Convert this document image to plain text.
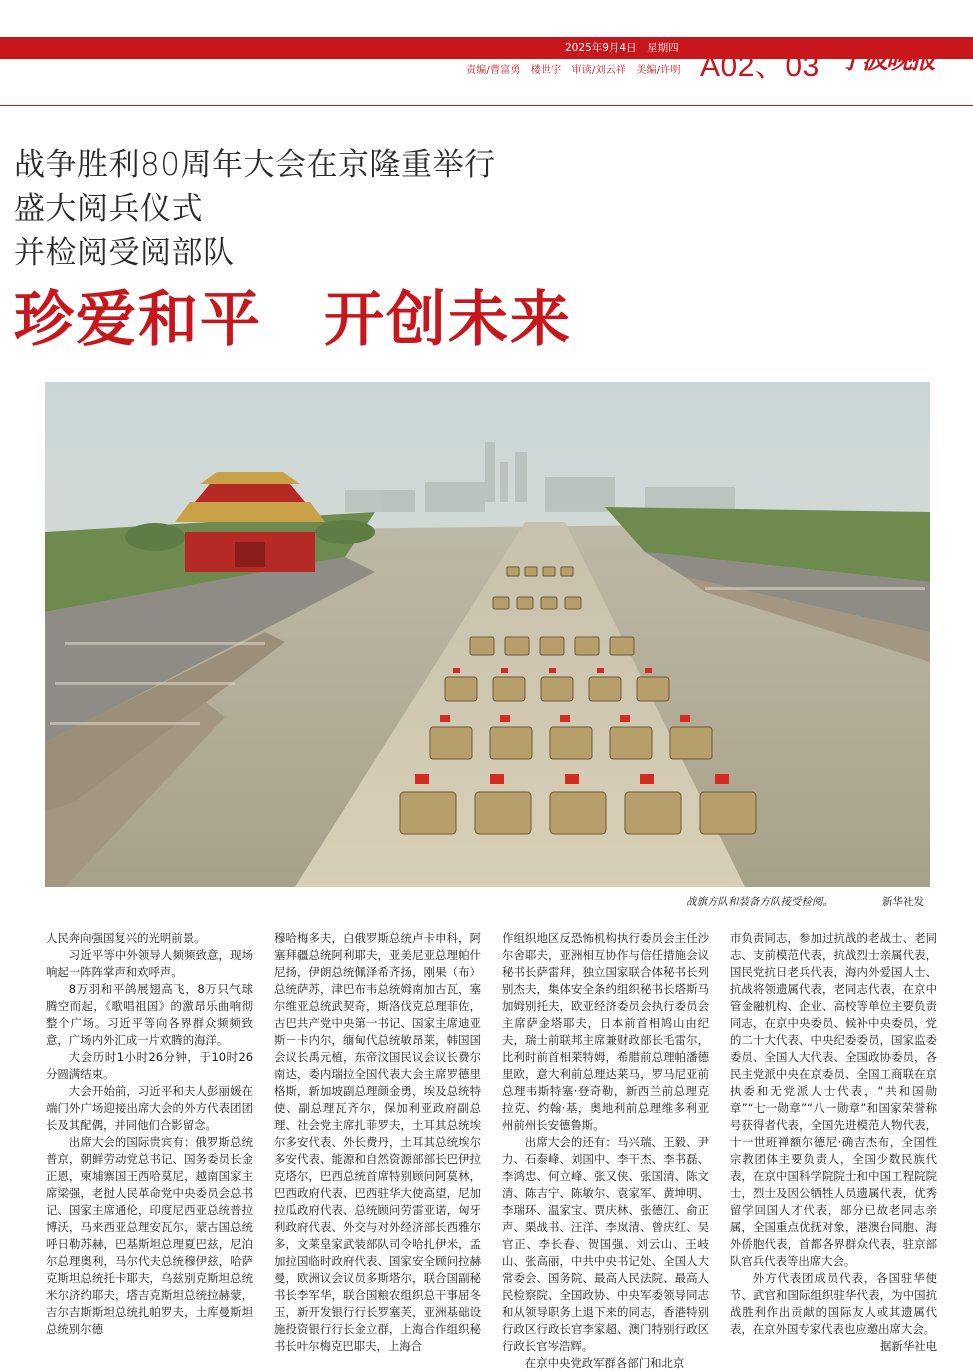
2025年9月4日　星期四
责编/曹富勇　楼世宇　审读/刘云祥　美编/许明 A02、03 宁波晚报
战争胜利80周年大会在京隆重举行
盛大阅兵仪式
并检阅受阅部队
珍爱和平　开创未来
战旗方队和装备方队接受检阅。	新华社发

人民奔向强国复兴的光明前景。

习近平等中外领导人频频致意，现场响起一阵阵掌声和欢呼声。

8万羽和平鸽展翅高飞，8万只气球腾空而起，《歌唱祖国》的激昂乐曲响彻整个广场。习近平等向各界群众频频致意，广场内外汇成一片欢腾的海洋。

大会历时1小时26分钟，于10时26分圆满结束。

大会开始前，习近平和夫人彭丽媛在端门外广场迎接出席大会的外方代表团团长及其配偶，并同他们合影留念。

出席大会的国际贵宾有：俄罗斯总统普京，朝鲜劳动党总书记、国务委员长金正恩，柬埔寨国王西哈莫尼，越南国家主席梁强，老挝人民革命党中央委员会总书记、国家主席通伦，印度尼西亚总统普拉博沃，马来西亚总理安瓦尔，蒙古国总统呼日勒苏赫，巴基斯坦总理夏巴兹，尼泊尔总理奥利，马尔代夫总统穆伊兹，哈萨克斯坦总统托卡耶夫，乌兹别克斯坦总统米尔济约耶夫，塔吉克斯坦总统拉赫蒙，吉尔吉斯斯坦总统扎帕罗夫，土库曼斯坦总统别尔德

穆哈梅多夫，白俄罗斯总统卢卡申科，阿塞拜疆总统阿利耶夫，亚美尼亚总理帕什尼扬，伊朗总统佩泽希齐扬，刚果（布）总统萨苏，津巴布韦总统姆南加古瓦，塞尔维亚总统武契奇，斯洛伐克总理菲佐，古巴共产党中央第一书记、国家主席迪亚斯－卡内尔，缅甸代总统敏昂莱，韩国国会议长禹元植，东帝汶国民议会议长费尔南达，委内瑞拉全国代表大会主席罗德里格斯，新加坡副总理颜金勇，埃及总统特使、副总理瓦齐尔，保加利亚政府副总理、社会党主席扎菲罗夫，土耳其总统埃尔多安代表、外长费丹，土耳其总统埃尔多安代表、能源和自然资源部部长巴伊拉克塔尔，巴西总统首席特别顾问阿莫林，巴西政府代表、巴西驻华大使高望，尼加拉瓜政府代表、总统顾问劳雷亚诺，匈牙利政府代表、外交与对外经济部长西雅尔多，文莱皇家武装部队司令哈扎伊米，孟加拉国临时政府代表、国家安全顾问拉赫曼，欧洲议会议员多斯塔尔，联合国副秘书长李军华，联合国粮农组织总干事屈冬玉，新开发银行行长罗塞芙，亚洲基础设施投资银行行长金立群，上海合作组织秘书长叶尔梅克巴耶夫，上海合

作组织地区反恐怖机构执行委员会主任沙尔舍耶夫，亚洲相互协作与信任措施会议秘书长萨雷拜，独立国家联合体秘书长列别杰夫，集体安全条约组织秘书长塔斯马加姆别托夫，欧亚经济委员会执行委员会主席萨金塔耶夫，日本前首相鸠山由纪夫，瑞士前联邦主席兼财政部长毛雷尔，比利时前首相莱特姆，希腊前总理帕潘德里欧，意大利前总理达莱马，罗马尼亚前总理韦斯特塞·登奇勒，新西兰前总理克拉克、约翰·基，奥地利前总理维多利亚州前州长安德鲁斯。

出席大会的还有：马兴瑞、王毅、尹力、石泰峰、刘国中、李干杰、李书磊、李鸿忠、何立峰、张又侠、张国清、陈文清、陈吉宁、陈敏尔、袁家军、黄坤明、李瑞环、温家宝、贾庆林、张德江、俞正声、栗战书、汪洋、李岚清、曾庆红、吴官正、李长春、贺国强、刘云山、王岐山、张高丽，中共中央书记处、全国人大常委会、国务院、最高人民法院、最高人民检察院、全国政协、中央军委领导同志和从领导职务上退下来的同志，香港特别行政区行政长官李家超、澳门特别行政区行政长官岑浩辉。

在京中央党政军群各部门和北京

市负责同志，参加过抗战的老战士、老同志、支前模范代表，抗战烈士亲属代表，国民党抗日老兵代表，海内外爱国人士、抗战将领遗属代表，老同志代表，在京中管金融机构、企业、高校等单位主要负责同志，在京中央委员、候补中央委员，党的二十大代表、中央纪委委员，国家监委委员、全国人大代表、全国政协委员，各民主党派中央在京委员、全国工商联在京执委和无党派人士代表，“共和国勋章”“七一勋章”“八一勋章”和国家荣誉称号获得者代表，全国先进模范人物代表，十一世班禅额尔德尼·确吉杰布，全国性宗教团体主要负责人，全国少数民族代表，在京中国科学院院士和中国工程院院士，烈士及因公牺牲人员遗属代表，优秀留学回国人才代表，部分已故老同志亲属，全国重点优抚对象，港澳台同胞、海外侨胞代表，首都各界群众代表，驻京部队官兵代表等出席大会。

外方代表团成员代表，各国驻华使节、武官和国际组织驻华代表，为中国抗战胜利作出贡献的国际友人或其遗属代表，在京外国专家代表也应邀出席大会。

据新华社电
